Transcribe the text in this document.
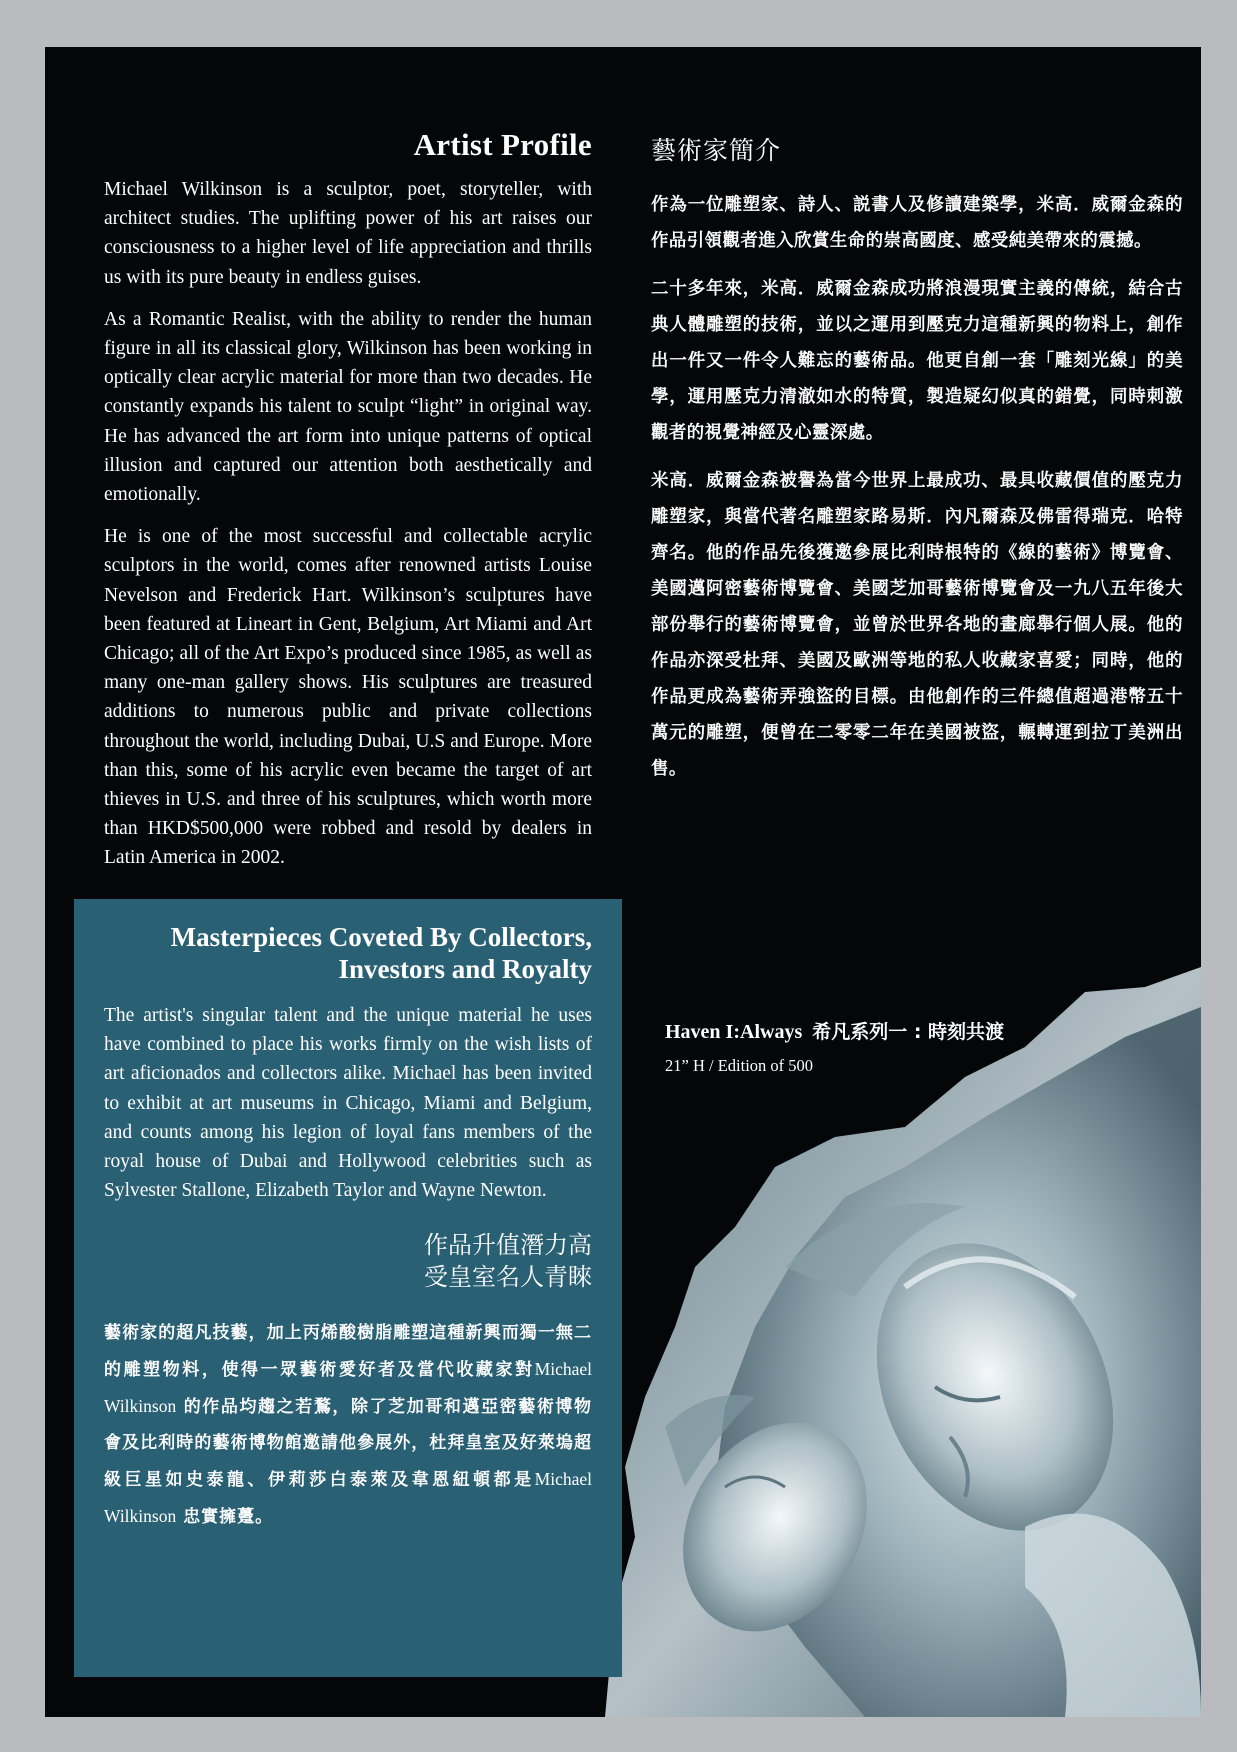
Artist Profile

Michael Wilkinson is a sculptor, poet, storyteller, with architect studies. The uplifting power of his art raises our consciousness to a higher level of life appreciation and thrills us with its pure beauty in endless guises.

As a Romantic Realist, with the ability to render the human figure in all its classical glory, Wilkinson has been working in optically clear acrylic material for more than two decades. He constantly expands his talent to sculpt “light” in original way. He has advanced the art form into unique patterns of optical illusion and captured our attention both aesthetically and emotionally.

He is one of the most successful and collectable acrylic sculptors in the world, comes after renowned artists Louise Nevelson and Frederick Hart. Wilkinson’s sculptures have been featured at Lineart in Gent, Belgium, Art Miami and Art Chicago; all of the Art Expo’s produced since 1985, as well as many one-man gallery shows. His sculptures are treasured additions to numerous public and private collections throughout the world, including Dubai, U.S and Europe. More than this, some of his acrylic even became the target of art thieves in U.S. and three of his sculptures, which worth more than HKD$500,000 were robbed and resold by dealers in Latin America in 2002.

藝術家簡介

作為一位雕塑家、詩人、説書人及修讀建築學，米高．威爾金森的作品引領觀者進入欣賞生命的崇高國度、感受純美帶來的震撼。

二十多年來，米高．威爾金森成功將浪漫現實主義的傳統，結合古典人體雕塑的技術，並以之運用到壓克力這種新興的物料上，創作出一件又一件令人難忘的藝術品。他更自創一套「雕刻光線」的美學，運用壓克力清澈如水的特質，製造疑幻似真的錯覺，同時刺激觀者的視覺神經及心靈深處。

米高．威爾金森被譽為當今世界上最成功、最具收藏價值的壓克力雕塑家，與當代著名雕塑家路易斯．內凡爾森及佛雷得瑞克．哈特齊名。他的作品先後獲邀參展比利時根特的《線的藝術》博覽會、美國邁阿密藝術博覽會、美國芝加哥藝術博覽會及一九八五年後大部份舉行的藝術博覽會，並曾於世界各地的畫廊舉行個人展。他的作品亦深受杜拜、美國及歐洲等地的私人收藏家喜愛；同時，他的作品更成為藝術弄強盜的目標。由他創作的三件總值超過港幣五十萬元的雕塑，便曾在二零零二年在美國被盜，輾轉運到拉丁美洲出售。

Masterpieces Coveted By Collectors,
Investors and Royalty

The artist's singular talent and the unique material he uses have combined to place his works firmly on the wish lists of art aficionados and collectors alike. Michael has been invited to exhibit at art museums in Chicago, Miami and Belgium, and counts among his legion of loyal fans members of the royal house of Dubai and Hollywood celebrities such as Sylvester Stallone, Elizabeth Taylor and Wayne Newton.

作品升值潛力高
受皇室名人青睞

藝術家的超凡技藝，加上丙烯酸樹脂雕塑這種新興而獨一無二的雕塑物料，使得一眾藝術愛好者及當代收藏家對Michael Wilkinson 的作品均趨之若鶩，除了芝加哥和邁亞密藝術博物會及比利時的藝術博物館邀請他參展外，杜拜皇室及好萊塢超級巨星如史泰龍、伊莉莎白泰萊及韋恩紐頓都是Michael Wilkinson 忠實擁躉。

Haven I:Always 希凡系列一 : 時刻共渡
21” H / Edition of 500
